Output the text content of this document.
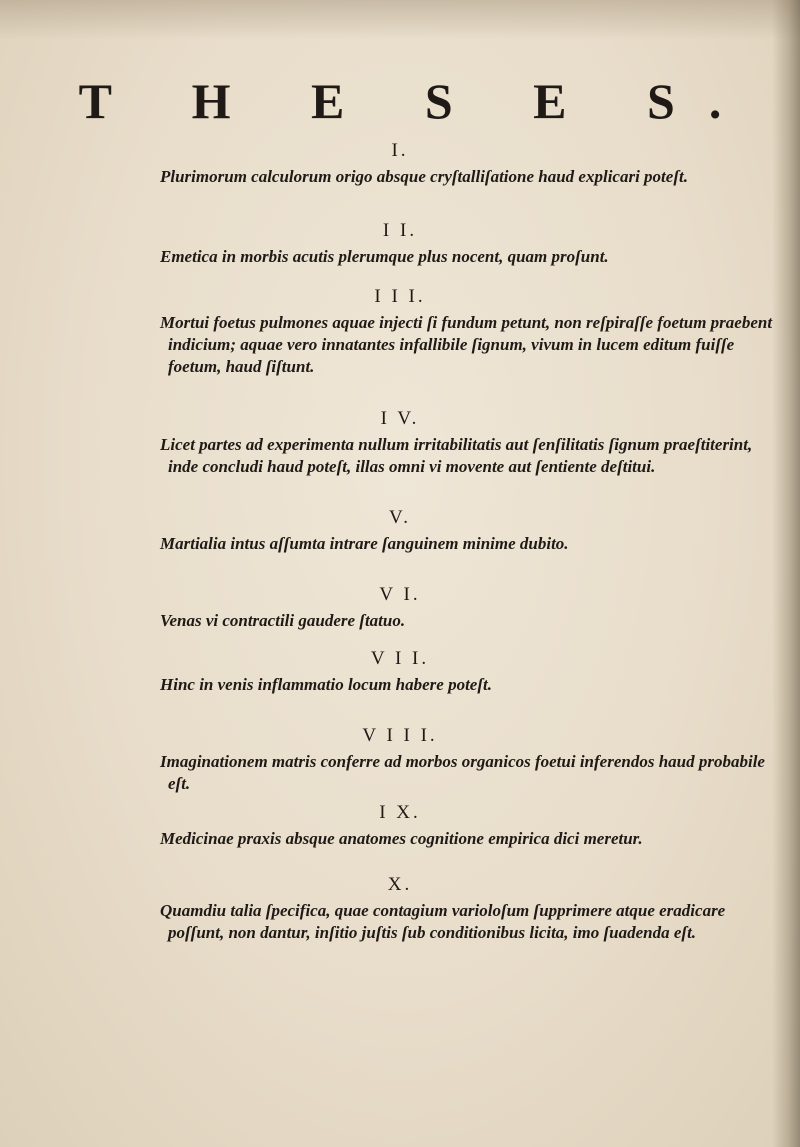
T H E S E S.
I.
Plurimorum calculorum origo absque cryſtalliſatione haud explicari poteſt.
I I.
Emetica in morbis acutis plerumque plus nocent, quam proſunt.
I I I.
Mortui foetus pulmones aquae injecti ſi fundum petunt, non reſpiraſſe foetum praebent indicium; aquae vero innatantes infallibile ſignum, vivum in lucem editum fuiſſe foetum, haud ſiſtunt.
I V.
Licet partes ad experimenta nullum irritabilitatis aut ſenſilitatis ſignum praeſtiterint, inde concludi haud poteſt, illas omni vi movente aut ſentiente deſtitui.
V.
Martialia intus aſſumta intrare ſanguinem minime dubito.
V I.
Venas vi contractili gaudere ſtatuo.
V I I.
Hinc in venis inflammatio locum habere poteſt.
V I I I.
Imaginationem matris conferre ad morbos organicos foetui inferendos haud probabile eſt.
I X.
Medicinae praxis absque anatomes cognitione empirica dici meretur.
X.
Quamdiu talia ſpecifica, quae contagium varioloſum ſupprimere atque eradicare poſſunt, non dantur, inſitio juſtis ſub conditionibus licita, imo ſuadenda eſt.
